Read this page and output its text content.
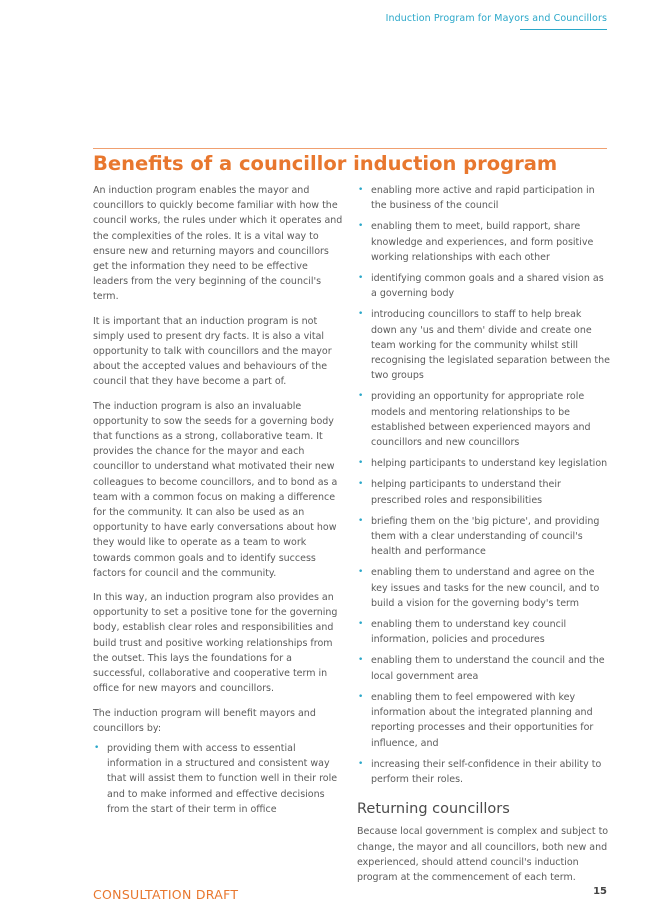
Induction Program for Mayors and Councillors
Benefits of a councillor induction program

An induction program enables the mayor and councillors to quickly become familiar with how the council works, the rules under which it operates and the complexities of the roles. It is a vital way to ensure new and returning mayors and councillors get the information they need to be effective leaders from the very beginning of the council's term.

It is important that an induction program is not simply used to present dry facts. It is also a vital opportunity to talk with councillors and the mayor about the accepted values and behaviours of the council that they have become a part of.

The induction program is also an invaluable opportunity to sow the seeds for a governing body that functions as a strong, collaborative team. It provides the chance for the mayor and each councillor to understand what motivated their new colleagues to become councillors, and to bond as a team with a common focus on making a difference for the community. It can also be used as an opportunity to have early conversations about how they would like to operate as a team to work towards common goals and to identify success factors for council and the community.

In this way, an induction program also provides an opportunity to set a positive tone for the governing body, establish clear roles and responsibilities and build trust and positive working relationships from the outset. This lays the foundations for a successful, collaborative and cooperative term in office for new mayors and councillors.

The induction program will benefit mayors and councillors by:

• providing them with access to essential information in a structured and consistent way that will assist them to function well in their role and to make informed and effective decisions from the start of their term in office
• enabling more active and rapid participation in the business of the council
• enabling them to meet, build rapport, share knowledge and experiences, and form positive working relationships with each other
• identifying common goals and a shared vision as a governing body
• introducing councillors to staff to help break down any 'us and them' divide and create one team working for the community whilst still recognising the legislated separation between the two groups
• providing an opportunity for appropriate role models and mentoring relationships to be established between experienced mayors and councillors and new councillors
• helping participants to understand key legislation
• helping participants to understand their prescribed roles and responsibilities
• briefing them on the 'big picture', and providing them with a clear understanding of council's health and performance
• enabling them to understand and agree on the key issues and tasks for the new council, and to build a vision for the governing body's term
• enabling them to understand key council information, policies and procedures
• enabling them to understand the council and the local government area
• enabling them to feel empowered with key information about the integrated planning and reporting processes and their opportunities for influence, and
• increasing their self-confidence in their ability to perform their roles.
Returning councillors

Because local government is complex and subject to change, the mayor and all councillors, both new and experienced, should attend council's induction program at the commencement of each term.

CONSULTATION DRAFT	15
